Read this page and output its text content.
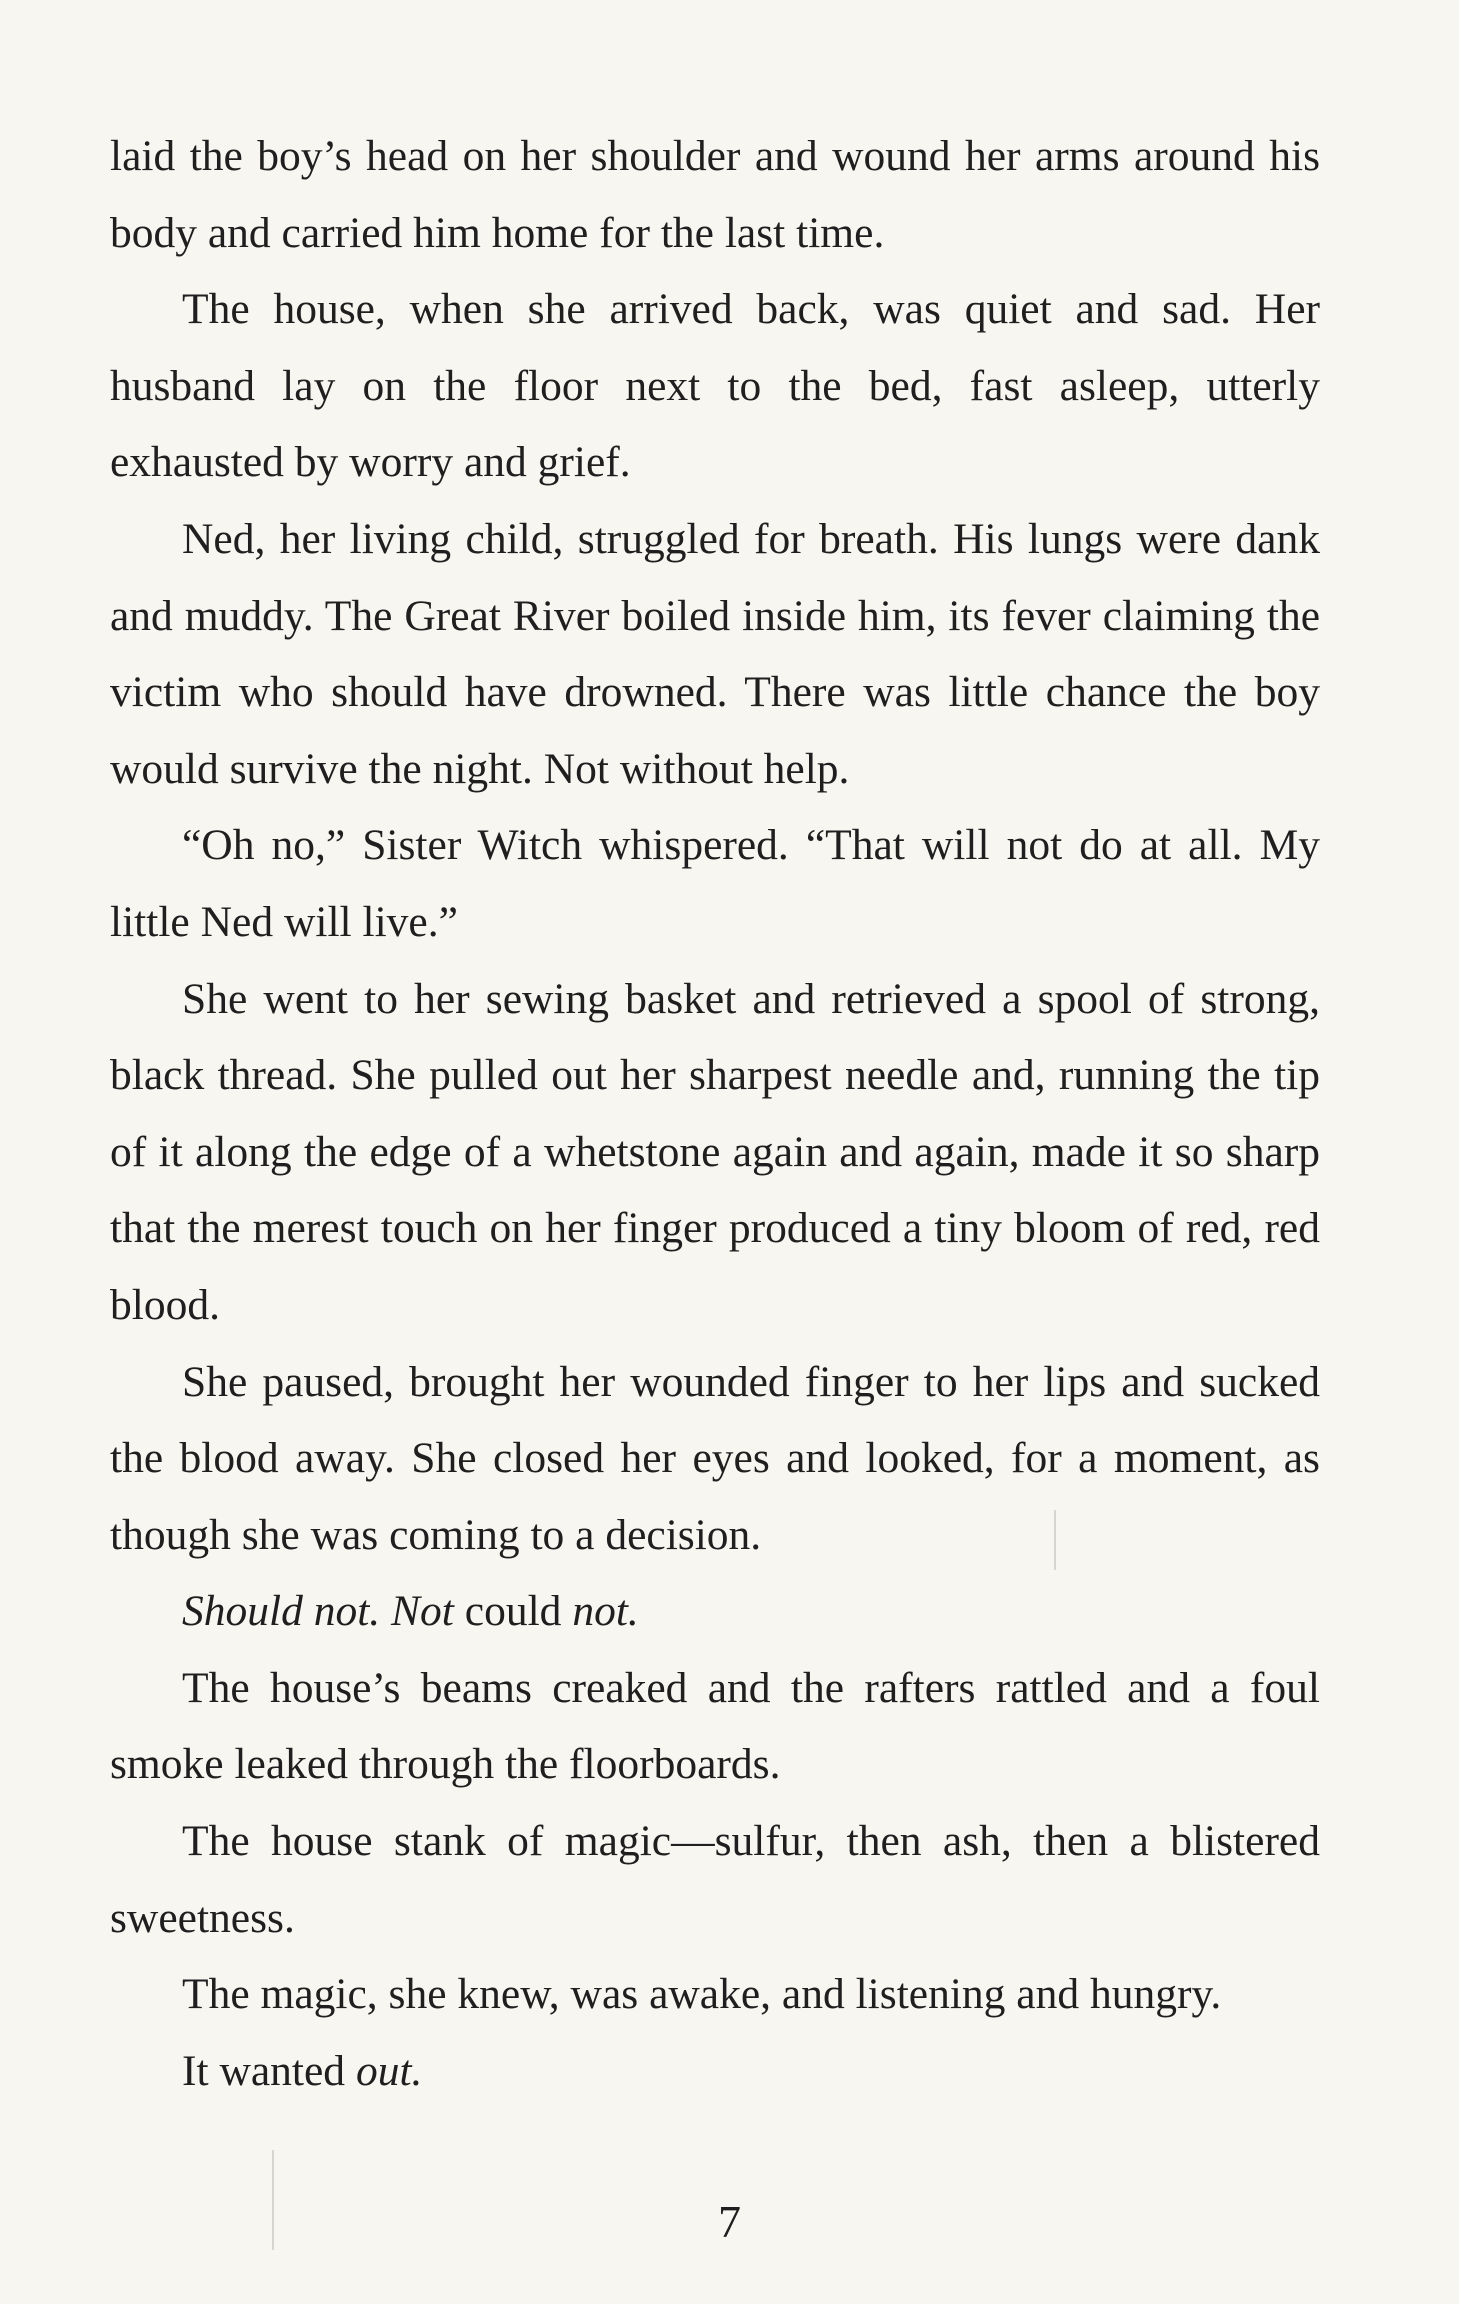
laid the boy’s head on her shoulder and wound her arms around his body and carried him home for the last time.

The house, when she arrived back, was quiet and sad. Her husband lay on the floor next to the bed, fast asleep, utterly exhausted by worry and grief.

Ned, her living child, struggled for breath. His lungs were dank and muddy. The Great River boiled inside him, its fever claiming the victim who should have drowned. There was little chance the boy would survive the night. Not without help.

“Oh no,” Sister Witch whispered. “That will not do at all. My little Ned will live.”

She went to her sewing basket and retrieved a spool of strong, black thread. She pulled out her sharpest needle and, running the tip of it along the edge of a whetstone again and again, made it so sharp that the merest touch on her finger produced a tiny bloom of red, red blood.

She paused, brought her wounded finger to her lips and sucked the blood away. She closed her eyes and looked, for a moment, as though she was coming to a decision.

Should not. Not could not.

The house’s beams creaked and the rafters rattled and a foul smoke leaked through the floorboards.

The house stank of magic—sulfur, then ash, then a blistered sweetness.

The magic, she knew, was awake, and listening and hungry.

It wanted out.

7
